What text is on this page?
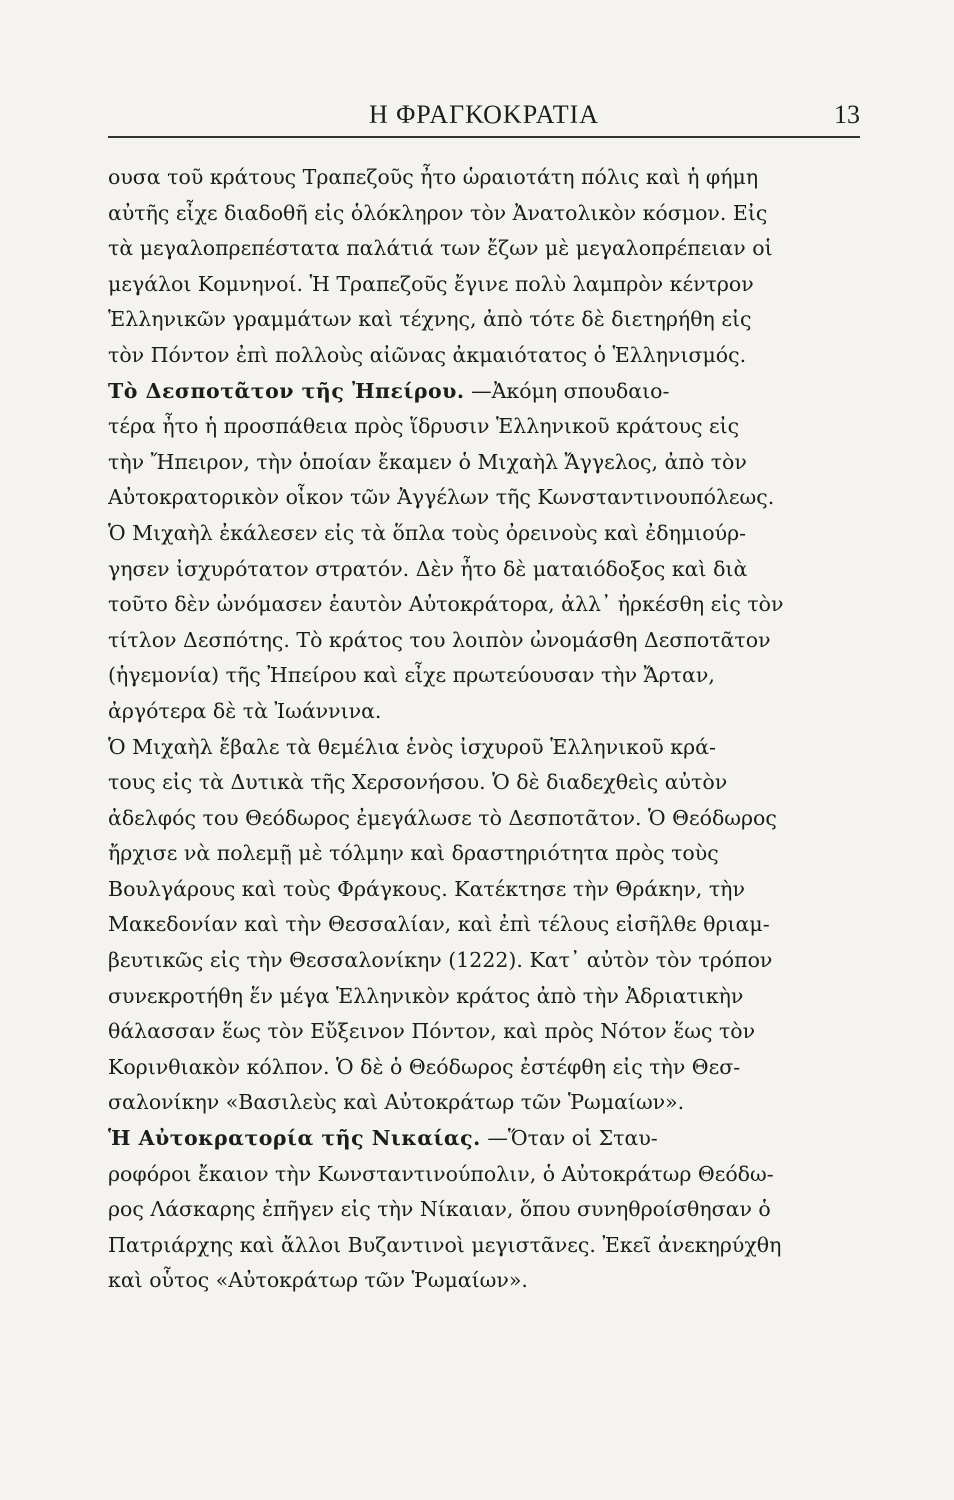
Η ΦΡΑΓΚΟΚΡΑΤΙΑ	13
ουσα τοῦ κράτους Τραπεζοῦς ἦτο ὡραιοτάτη πόλις καὶ ἡ φήμη
αὐτῆς εἶχε διαδοθῆ εἰς ὁλόκληρον τὸν Ἀνατολικὸν κόσμον. Εἰς
τὰ μεγαλοπρεπέστατα παλάτιά των ἔζων μὲ μεγαλοπρέπειαν οἱ
μεγάλοι Κομνηνοί. Ἡ Τραπεζοῦς ἔγινε πολὺ λαμπρὸν κέντρον
Ἑλληνικῶν γραμμάτων καὶ τέχνης, ἀπὸ τότε δὲ διετηρήθη εἰς
τὸν Πόντον ἐπὶ πολλοὺς αἰῶνας ἀκμαιότατος ὁ Ἑλληνισμός.
Τὸ Δεσποτᾶτον τῆς Ἠπείρου. —Ἀκόμη σπουδαιο-
τέρα ἦτο ἡ προσπάθεια πρὸς ἵδρυσιν Ἑλληνικοῦ κράτους εἰς
τὴν Ἤπειρον, τὴν ὁποίαν ἔκαμεν ὁ Μιχαὴλ Ἄγγελος, ἀπὸ τὸν
Αὐτοκρατορικὸν οἶκον τῶν Ἀγγέλων τῆς Κωνσταντινουπόλεως.
Ὁ Μιχαὴλ ἐκάλεσεν εἰς τὰ ὅπλα τοὺς ὀρεινοὺς καὶ ἐδημιούρ-
γησεν ἰσχυρότατον στρατόν. Δὲν ἦτο δὲ ματαιόδοξος καὶ διὰ
τοῦτο δὲν ὠνόμασεν ἑαυτὸν Αὐτοκράτορα, ἀλλ᾽ ἠρκέσθη εἰς τὸν
τίτλον Δεσπότης. Τὸ κράτος του λοιπὸν ὠνομάσθη Δεσποτᾶτον
(ἡγεμονία) τῆς Ἠπείρου καὶ εἶχε πρωτεύουσαν τὴν Ἄρταν,
ἀργότερα δὲ τὰ Ἰωάννινα.
Ὁ Μιχαὴλ ἔβαλε τὰ θεμέλια ἑνὸς ἰσχυροῦ Ἑλληνικοῦ κρά-
τους εἰς τὰ Δυτικὰ τῆς Χερσονήσου. Ὁ δὲ διαδεχθεὶς αὐτὸν
ἀδελφός του Θεόδωρος ἐμεγάλωσε τὸ Δεσποτᾶτον. Ὁ Θεόδωρος
ἤρχισε νὰ πολεμῇ μὲ τόλμην καὶ δραστηριότητα πρὸς τοὺς
Βουλγάρους καὶ τοὺς Φράγκους. Κατέκτησε τὴν Θράκην, τὴν
Μακεδονίαν καὶ τὴν Θεσσαλίαν, καὶ ἐπὶ τέλους εἰσῆλθε θριαμ-
βευτικῶς εἰς τὴν Θεσσαλονίκην (1222). Κατ᾽ αὐτὸν τὸν τρόπον
συνεκροτήθη ἕν μέγα Ἑλληνικὸν κράτος ἀπὸ τὴν Ἀδριατικὴν
θάλασσαν ἕως τὸν Εὔξεινον Πόντον, καὶ πρὸς Νότον ἕως τὸν
Κορινθιακὸν κόλπον. Ὁ δὲ ὁ Θεόδωρος ἐστέφθη εἰς τὴν Θεσ-
σαλονίκην «Βασιλεὺς καὶ Αὐτοκράτωρ τῶν Ῥωμαίων».
Ἡ Αὐτοκρατορία τῆς Νικαίας. —Ὅταν οἱ Σταυ-
ροφόροι ἔκαιον τὴν Κωνσταντινούπολιν, ὁ Αὐτοκράτωρ Θεόδω-
ρος Λάσκαρης ἐπῆγεν εἰς τὴν Νίκαιαν, ὅπου συνηθροίσθησαν ὁ
Πατριάρχης καὶ ἄλλοι Βυζαντινοὶ μεγιστᾶνες. Ἐκεῖ ἀνεκηρύχθη
καὶ οὗτος «Αὐτοκράτωρ τῶν Ῥωμαίων».
